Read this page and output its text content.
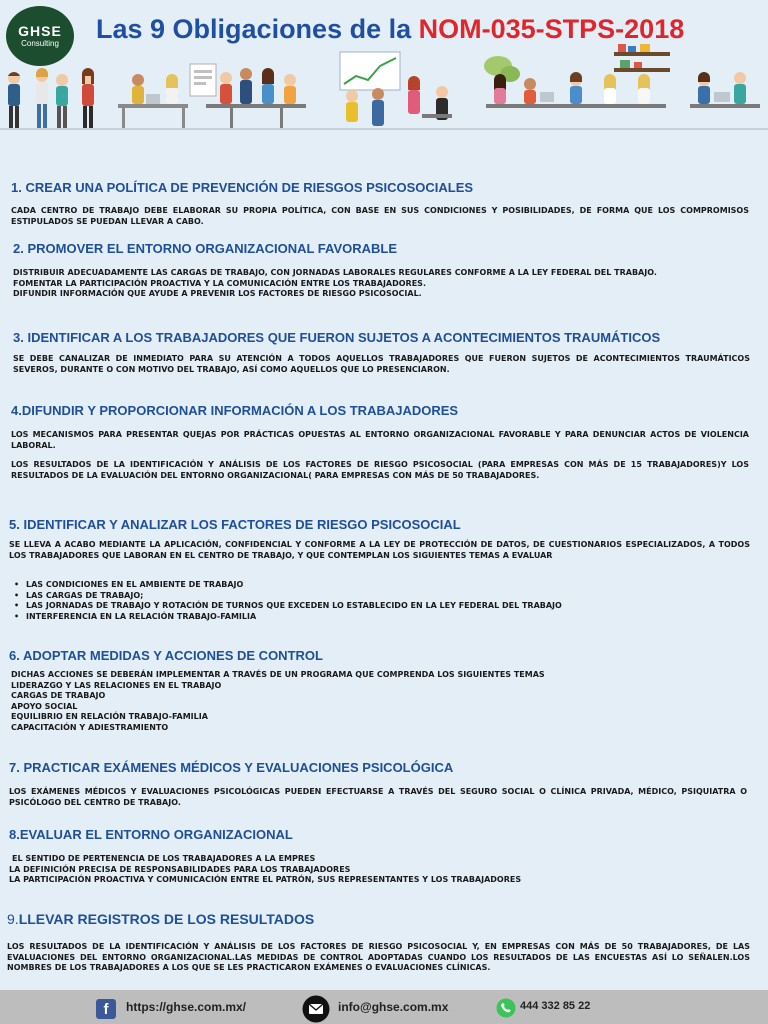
GHSE
Consulting	Las 9 Obligaciones de la NOM-035-STPS-2018
1. CREAR UNA POLÍTICA DE PREVENCIÓN DE RIESGOS PSICOSOCIALES
CADA CENTRO DE TRABAJO DEBE ELABORAR SU PROPIA POLÍTICA, CON BASE EN SUS CONDICIONES Y POSIBILIDADES, DE FORMA QUE LOS COMPROMISOS ESTIPULADOS SE PUEDAN LLEVAR A CABO.
2. PROMOVER EL ENTORNO ORGANIZACIONAL FAVORABLE
DISTRIBUIR ADECUADAMENTE LAS CARGAS DE TRABAJO, CON JORNADAS LABORALES REGULARES CONFORME A LA LEY FEDERAL DEL TRABAJO.
FOMENTAR LA PARTICIPACIÓN PROACTIVA Y LA COMUNICACIÓN ENTRE LOS TRABAJADORES.
DIFUNDIR INFORMACIÓN QUE AYUDE A PREVENIR LOS FACTORES DE RIESGO PSICOSOCIAL.
3. IDENTIFICAR A LOS TRABAJADORES QUE FUERON SUJETOS A ACONTECIMIENTOS TRAUMÁTICOS
SE DEBE CANALIZAR DE INMEDIATO PARA SU ATENCIÓN A TODOS AQUELLOS TRABAJADORES QUE FUERON SUJETOS DE ACONTECIMIENTOS TRAUMÁTICOS SEVEROS, DURANTE O CON MOTIVO DEL TRABAJO, ASÍ COMO AQUELLOS QUE LO PRESENCIARON.
4.DIFUNDIR Y PROPORCIONAR INFORMACIÓN A LOS TRABAJADORES
LOS MECANISMOS PARA PRESENTAR QUEJAS POR PRÁCTICAS OPUESTAS AL ENTORNO ORGANIZACIONAL FAVORABLE Y PARA DENUNCIAR ACTOS DE VIOLENCIA LABORAL.
LOS RESULTADOS DE LA IDENTIFICACIÓN Y ANÁLISIS DE LOS FACTORES DE RIESGO PSICOSOCIAL (PARA EMPRESAS CON MÁS DE 15 TRABAJADORES)Y LOS RESULTADOS DE LA EVALUACIÓN DEL ENTORNO ORGANIZACIONAL( PARA EMPRESAS CON MÁS DE 50 TRABAJADORES.
5. IDENTIFICAR Y ANALIZAR LOS FACTORES DE RIESGO PSICOSOCIAL
SE LLEVA A ACABO MEDIANTE LA APLICACIÓN, CONFIDENCIAL Y CONFORME A LA LEY DE PROTECCIÓN DE DATOS, DE CUESTIONARIOS ESPECIALIZADOS, A TODOS LOS TRABAJADORES QUE LABORAN EN EL CENTRO DE TRABAJO, Y QUE CONTEMPLAN LOS SIGUIENTES TEMAS A EVALUAR
• LAS CONDICIONES EN EL AMBIENTE DE TRABAJO
• LAS CARGAS DE TRABAJO;
• LAS JORNADAS DE TRABAJO Y ROTACIÓN DE TURNOS QUE EXCEDEN LO ESTABLECIDO EN LA LEY FEDERAL DEL TRABAJO
• INTERFERENCIA EN LA RELACIÓN TRABAJO-FAMILIA
6. ADOPTAR MEDIDAS Y ACCIONES DE CONTROL
DICHAS ACCIONES SE DEBERÁN IMPLEMENTAR A TRAVÉS DE UN PROGRAMA QUE COMPRENDA LOS SIGUIENTES TEMAS
LIDERAZGO Y LAS RELACIONES EN EL TRABAJO
CARGAS DE TRABAJO
APOYO SOCIAL
EQUILIBRIO EN RELACIÓN TRABAJO-FAMILIA
CAPACITACIÓN Y ADIESTRAMIENTO
7. PRACTICAR EXÁMENES MÉDICOS Y EVALUACIONES PSICOLÓGICA
LOS EXÁMENES MÉDICOS Y EVALUACIONES PSICOLÓGICAS PUEDEN EFECTUARSE A TRAVÉS DEL SEGURO SOCIAL O CLÍNICA PRIVADA, MÉDICO, PSIQUIATRA O PSICÓLOGO DEL CENTRO DE TRABAJO.
8.EVALUAR EL ENTORNO ORGANIZACIONAL
EL SENTIDO DE PERTENENCIA DE LOS TRABAJADORES A LA EMPRES
LA DEFINICIÓN PRECISA DE RESPONSABILIDADES PARA LOS TRABAJADORES
LA PARTICIPACIÓN PROACTIVA Y COMUNICACIÓN ENTRE EL PATRÓN, SUS REPRESENTANTES Y LOS TRABAJADORES
9.LLEVAR REGISTROS DE LOS RESULTADOS
LOS RESULTADOS DE LA IDENTIFICACIÓN Y ANÁLISIS DE LOS FACTORES DE RIESGO PSICOSOCIAL Y, EN EMPRESAS CON MÁS DE 50 TRABAJADORES, DE LAS EVALUACIONES DEL ENTORNO ORGANIZACIONAL.LAS MEDIDAS DE CONTROL ADOPTADAS CUANDO LOS RESULTADOS DE LAS ENCUESTAS ASÍ LO SEÑALEN.LOS NOMBRES DE LOS TRABAJADORES A LOS QUE SE LES PRACTICARON EXÁMENES O EVALUACIONES CLÍNICAS.
f	https://ghse.com.mx/	info@ghse.com.mx	444 332 85 22
